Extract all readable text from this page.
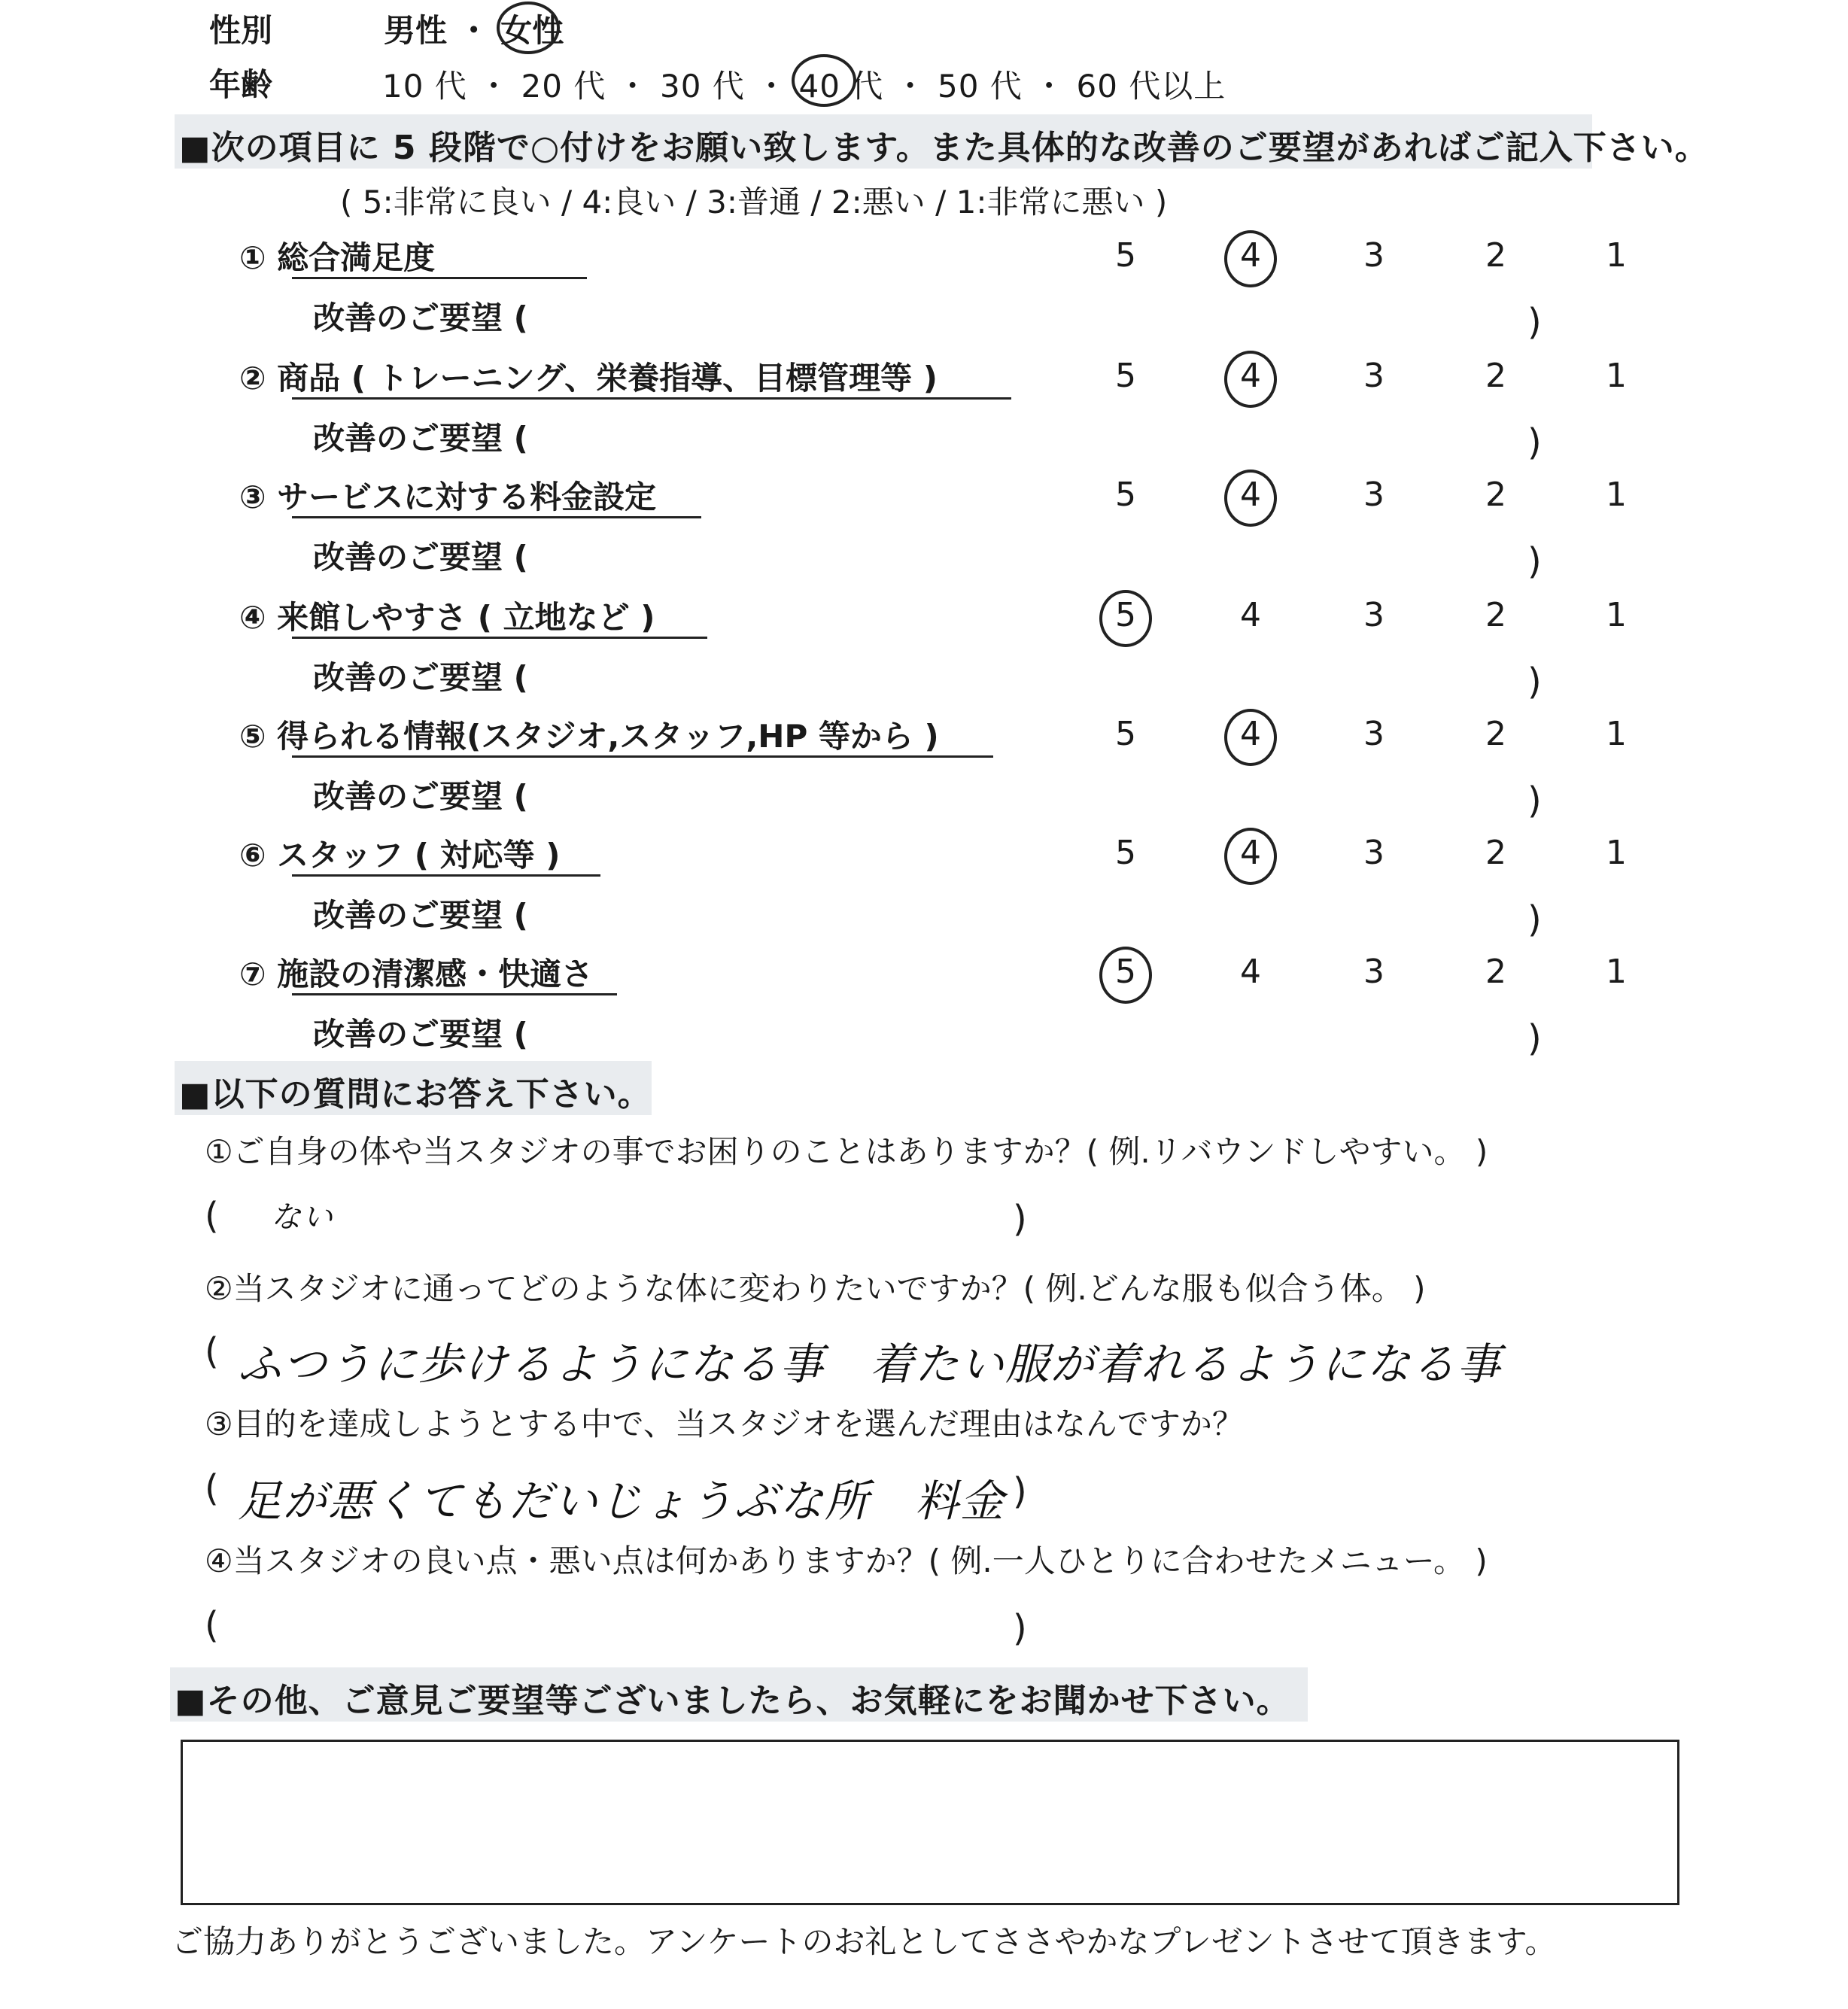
性別	男性 ・ 女性
年齢	10 代 ・ 20 代 ・ 30 代 ・ 40 代 ・ 50 代 ・ 60 代以上
■次の項目に 5 段階で○付けをお願い致します。また具体的な改善のご要望があればご記入下さい。
( 5:非常に良い / 4:良い / 3:普通 / 2:悪い / 1:非常に悪い )
① 総合満足度	5	4	3	2	1
改善のご要望 (	)
② 商品 ( トレーニング、栄養指導、目標管理等 )	5	4	3	2	1
改善のご要望 (	)
③ サービスに対する料金設定	5	4	3	2	1
改善のご要望 (	)
④ 来館しやすさ ( 立地など )	5	4	3	2	1
改善のご要望 (	)
⑤ 得られる情報(スタジオ,スタッフ,HP 等から )	5	4	3	2	1
改善のご要望 (	)
⑥ スタッフ ( 対応等 )	5	4	3	2	1
改善のご要望 (	)
⑦ 施設の清潔感・快適さ	5	4	3	2	1
改善のご要望 (	)
■以下の質問にお答え下さい。
①ご自身の体や当スタジオの事でお困りのことはありますか？( 例.リバウンドしやすい。 )
( ない	)
②当スタジオに通ってどのような体に変わりたいですか？( 例.どんな服も似合う体。 )
( ふつうに歩けるようになる事　着たい服が着れるようになる事
③目的を達成しようとする中で、当スタジオを選んだ理由はなんですか？
( 足が悪くてもだいじょうぶな所　料金 )
④当スタジオの良い点・悪い点は何かありますか？( 例.一人ひとりに合わせたメニュー。 )
(	)
■その他、ご意見ご要望等ございましたら、お気軽にをお聞かせ下さい。
ご協力ありがとうございました。アンケートのお礼としてささやかなプレゼントさせて頂きます。
